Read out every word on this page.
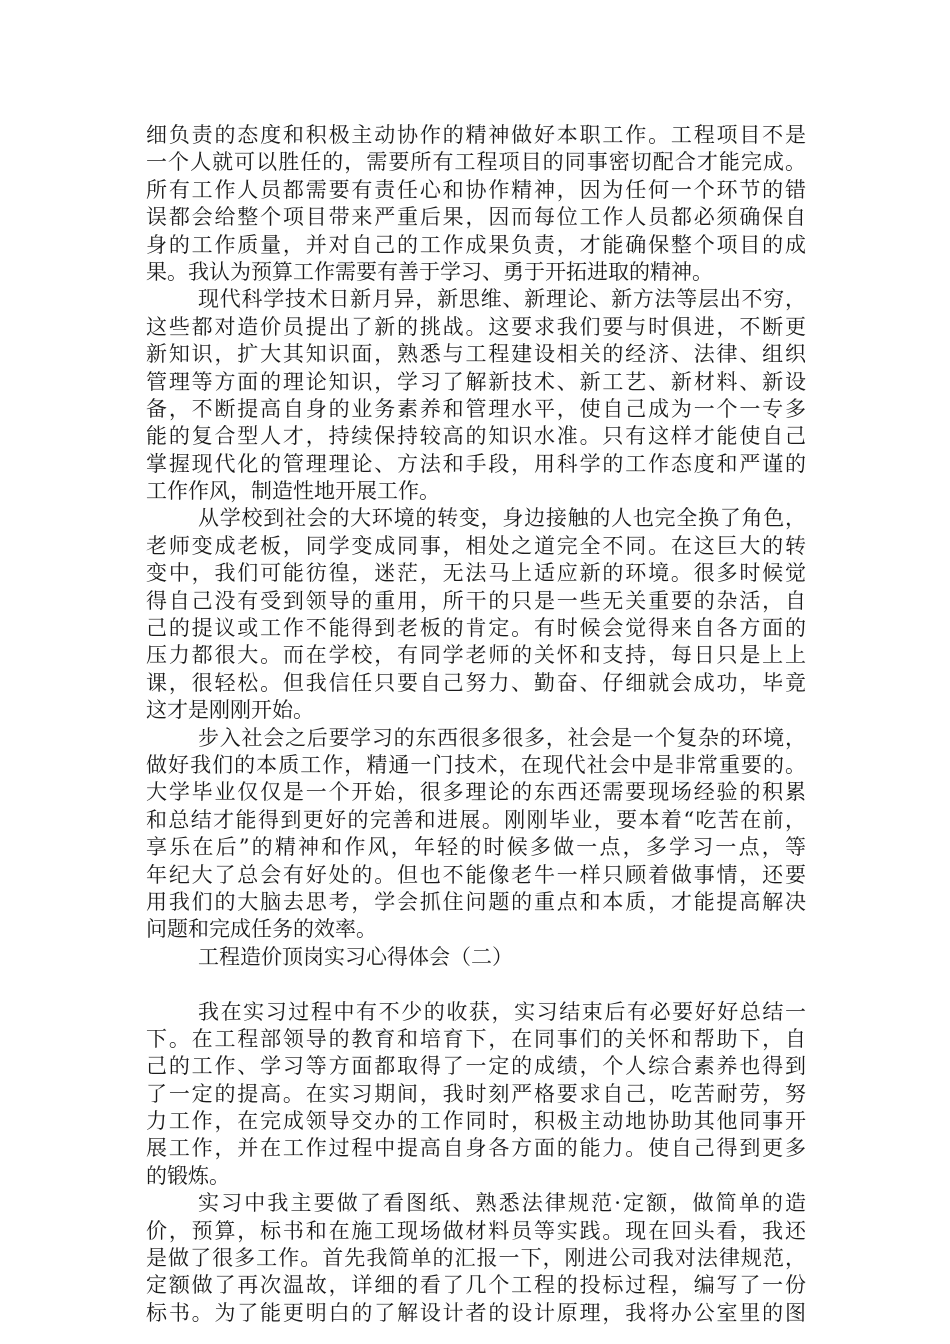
细负责的态度和积极主动协作的精神做好本职工作。工程项目不是
一个人就可以胜任的，需要所有工程项目的同事密切配合才能完成。
所有工作人员都需要有责任心和协作精神，因为任何一个环节的错
误都会给整个项目带来严重后果，因而每位工作人员都必须确保自
身的工作质量，并对自己的工作成果负责，才能确保整个项目的成
果。我认为预算工作需要有善于学习、勇于开拓进取的精神。
现代科学技术日新月异，新思维、新理论、新方法等层出不穷，
这些都对造价员提出了新的挑战。这要求我们要与时俱进，不断更
新知识，扩大其知识面，熟悉与工程建设相关的经济、法律、组织
管理等方面的理论知识，学习了解新技术、新工艺、新材料、新设
备，不断提高自身的业务素养和管理水平，使自己成为一个一专多
能的复合型人才，持续保持较高的知识水准。只有这样才能使自己
掌握现代化的管理理论、方法和手段，用科学的工作态度和严谨的
工作作风，制造性地开展工作。
从学校到社会的大环境的转变，身边接触的人也完全换了角色，
老师变成老板，同学变成同事，相处之道完全不同。在这巨大的转
变中，我们可能彷徨，迷茫，无法马上适应新的环境。很多时候觉
得自己没有受到领导的重用，所干的只是一些无关重要的杂活，自
己的提议或工作不能得到老板的肯定。有时候会觉得来自各方面的
压力都很大。而在学校，有同学老师的关怀和支持，每日只是上上
课，很轻松。但我信任只要自己努力、勤奋、仔细就会成功，毕竟
这才是刚刚开始。
步入社会之后要学习的东西很多很多，社会是一个复杂的环境，
做好我们的本质工作，精通一门技术，在现代社会中是非常重要的。
大学毕业仅仅是一个开始，很多理论的东西还需要现场经验的积累
和总结才能得到更好的完善和进展。刚刚毕业，要本着“吃苦在前，
享乐在后”的精神和作风，年轻的时候多做一点，多学习一点，等
年纪大了总会有好处的。但也不能像老牛一样只顾着做事情，还要
用我们的大脑去思考，学会抓住问题的重点和本质，才能提高解决
问题和完成任务的效率。
工程造价顶岗实习心得体会（二）
我在实习过程中有不少的收获，实习结束后有必要好好总结一
下。在工程部领导的教育和培育下，在同事们的关怀和帮助下，自
己的工作、学习等方面都取得了一定的成绩，个人综合素养也得到
了一定的提高。在实习期间，我时刻严格要求自己，吃苦耐劳，努
力工作，在完成领导交办的工作同时，积极主动地协助其他同事开
展工作，并在工作过程中提高自身各方面的能力。使自己得到更多
的锻炼。
实习中我主要做了看图纸、熟悉法律规范·定额，做简单的造
价，预算，标书和在施工现场做材料员等实践。现在回头看，我还
是做了很多工作。首先我简单的汇报一下，刚进公司我对法律规范，
定额做了再次温故，详细的看了几个工程的投标过程，编写了一份
标书。为了能更明白的了解设计者的设计原理，我将办公室里的图
